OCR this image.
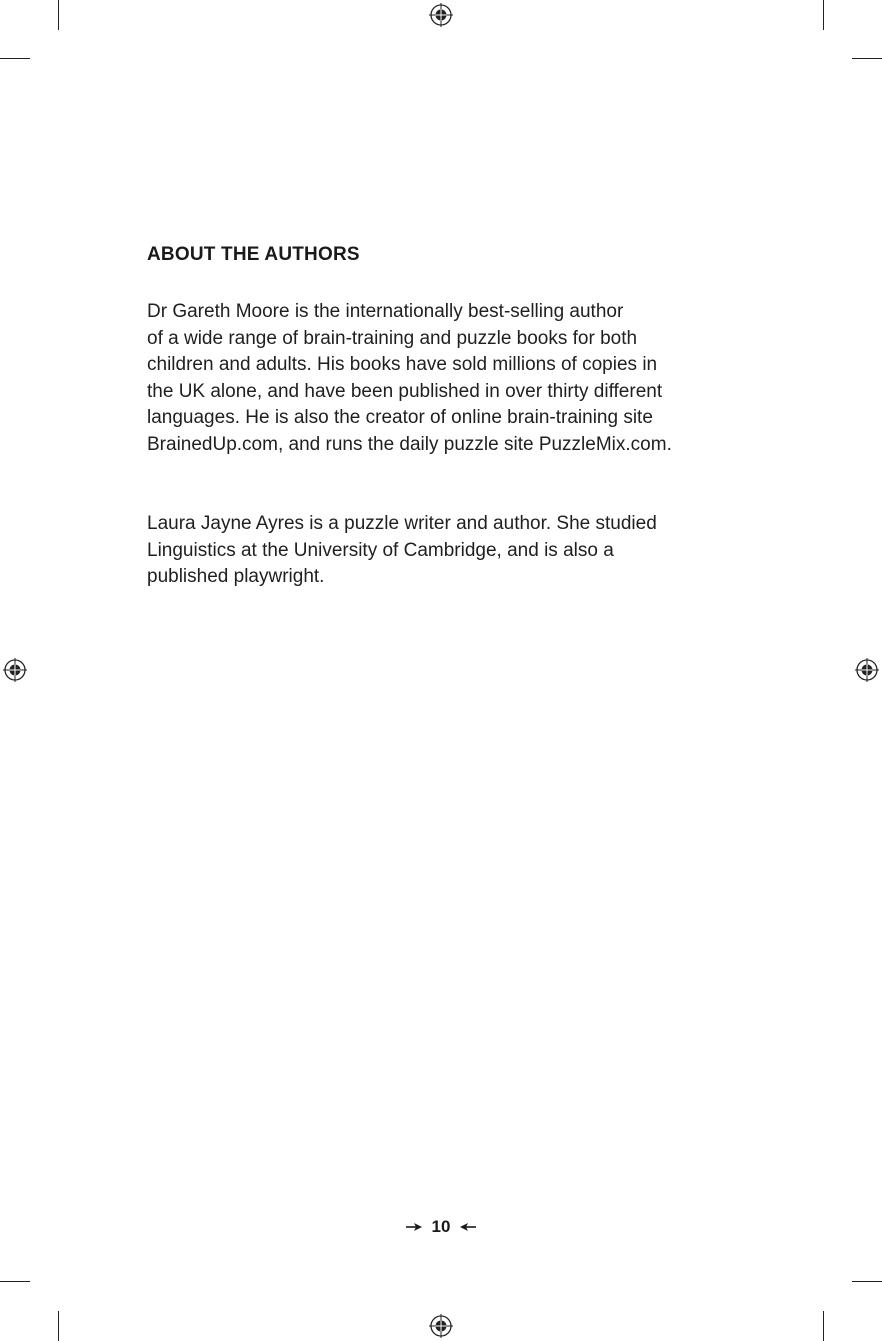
ABOUT THE AUTHORS

Dr Gareth Moore is the internationally best-selling author
of a wide range of brain-training and puzzle books for both
children and adults. His books have sold millions of copies in
the UK alone, and have been published in over thirty different
languages. He is also the creator of online brain-training site
BrainedUp.com, and runs the daily puzzle site PuzzleMix.com.

Laura Jayne Ayres is a puzzle writer and author. She studied
Linguistics at the University of Cambridge, and is also a
published playwright.

10
